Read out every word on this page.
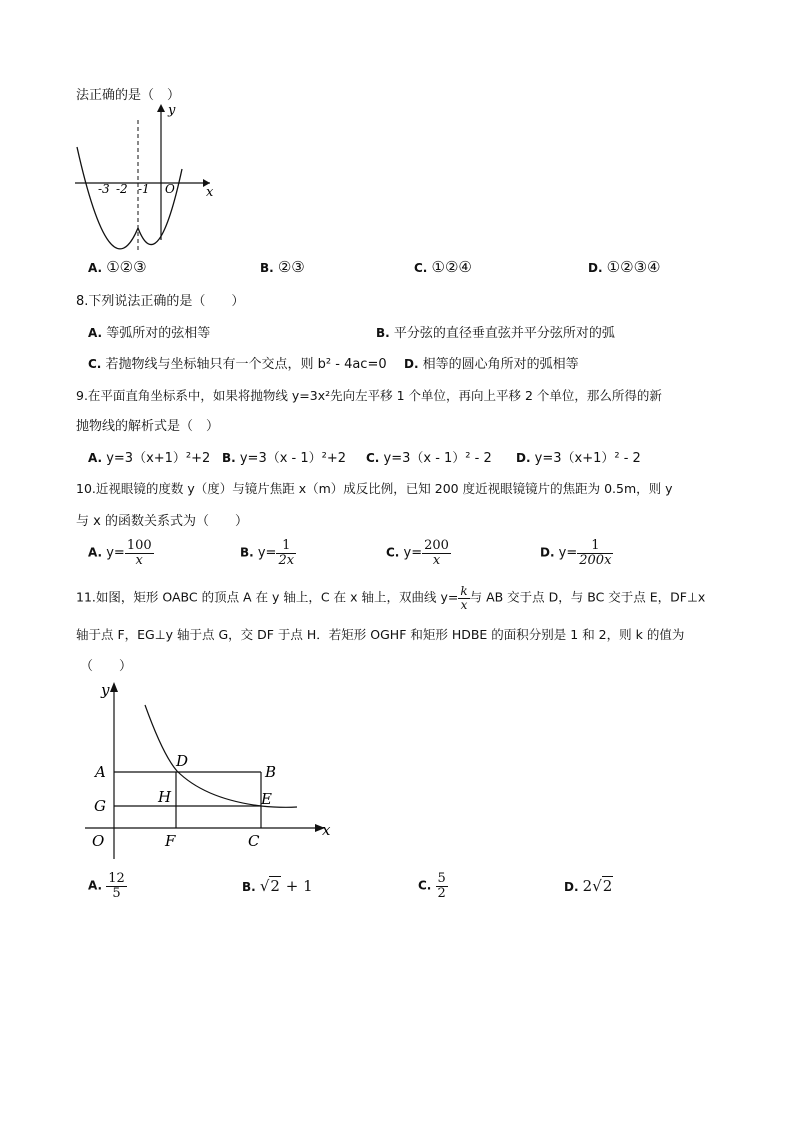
法正确的是（　）
y
x
-3 -2 -1 O
A. ①②③	B. ②③	C. ①②④	D. ①②③④
8.下列说法正确的是（　　）
A. 等弧所对的弦相等	B. 平分弦的直径垂直弦并平分弦所对的弧
C. 若抛物线与坐标轴只有一个交点，则 b² - 4ac=0 D. 相等的圆心角所对的弧相等
9.在平面直角坐标系中，如果将抛物线 y=3x²先向左平移 1 个单位，再向上平移 2 个单位，那么所得的新
抛物线的解析式是（　）
A. y=3（x+1）²+2 B. y=3（x - 1）²+2 C. y=3（x - 1）² - 2 D. y=3（x+1）² - 2
10.近视眼镜的度数 y（度）与镜片焦距 x（m）成反比例，已知 200 度近视眼镜镜片的焦距为 0.5m，则 y
与 x 的函数关系式为（　　）
A. $y= \frac{100}{x}$	B. $y= \frac{1}{2x}$	C. $y= \frac{200}{x}$	D. $y= \frac{1}{200x}$
11.如图，矩形 OABC 的顶点 A 在 y 轴上，C 在 x 轴上，双曲线 $y= \frac{k}{x}$ 与 AB 交于点 D，与 BC 交于点 E，DF⊥x
轴于点 F，EG⊥y 轴于点 G，交 DF 于点 H．若矩形 OGHF 和矩形 HDBE 的面积分别是 1 和 2，则 k 的值为
（　　）
y
x
A
D
B
G	H	E
O	F	C
A. $\frac{12}{5}$	B. √2 + 1	C. $\frac{5}{2}$	D. 2√2
